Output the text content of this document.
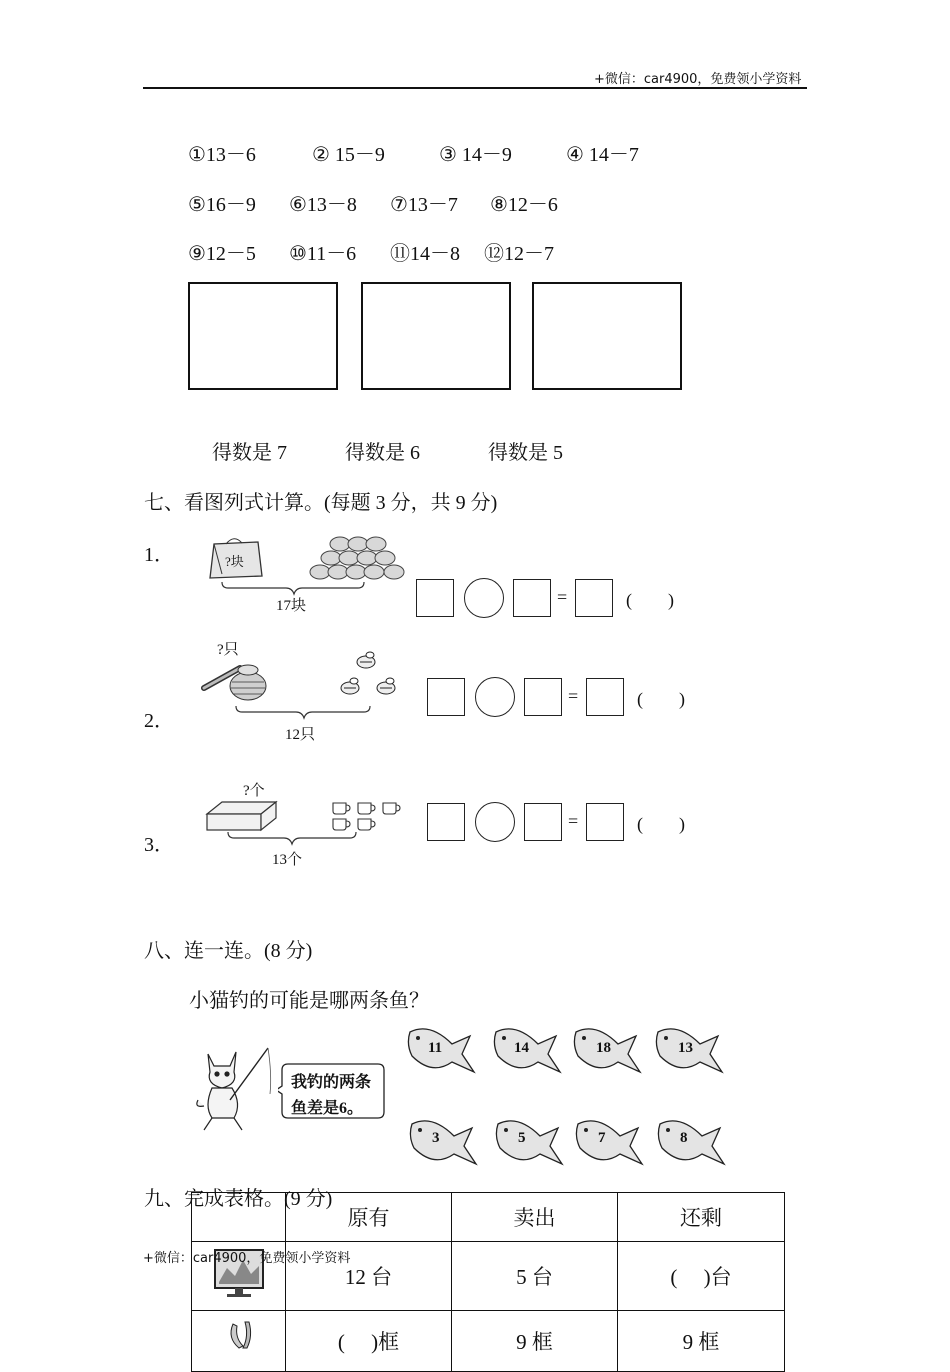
+微信：car4900，免费领小学资料
①13－6	② 15－9	③ 14－9	④ 14－7
⑤16－9 ⑥13－8 ⑦13－7 ⑧12－6
⑨12－5 ⑩11－6 ⑪14－8 ⑫12－7
得数是 7	得数是 6	得数是 5
七、看图列式计算。(每题 3 分，共 9 分)
1．	?块
17块	=	(　　)
?只
2．
12只
=	(　　)
?个
3．
13个
=	(　　)
八、连一连。(8 分)
小猫钓的可能是哪两条鱼？
我钓的两条
鱼差是6。
11	14	18	13
3	5	7	8
九、完成表格。(9 分)
	原有	卖出	还剩
	12 台	5 台	(　 )台
	(　 )框	9 框	9 框
+微信：car4900，免费领小学资料
